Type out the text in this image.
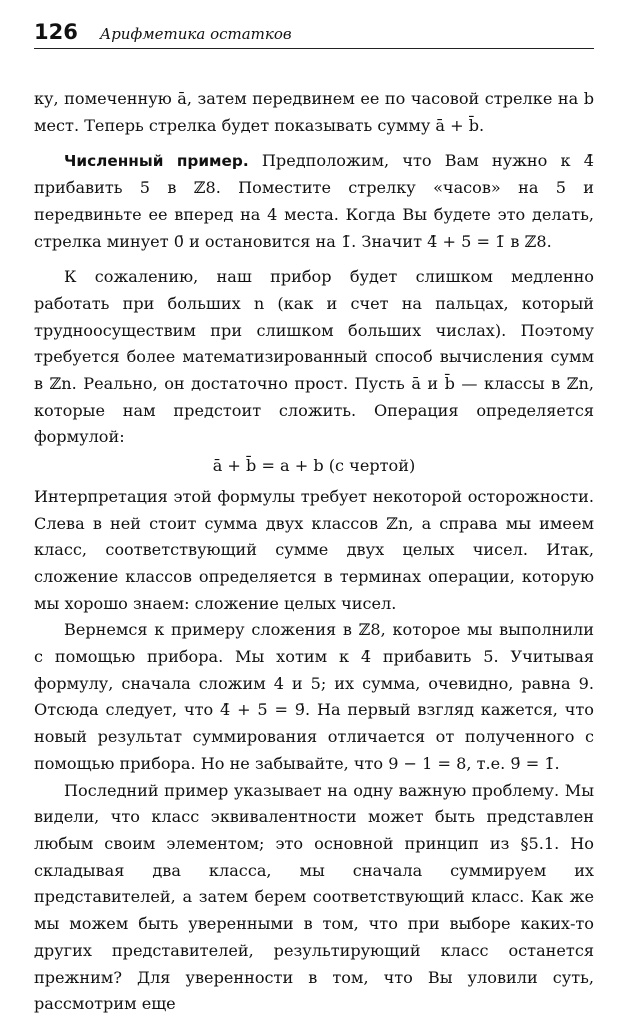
126 Арифметика остатков

ку, помеченную ā, затем передвинем ее по часовой стрелке на b мест. Теперь стрелка будет показывать сумму ā + b̄.

Численный пример. Предположим, что Вам нужно к 4̄ прибавить 5̄ в ℤ8. Поместите стрелку «часов» на 5̄ и передвиньте ее вперед на 4 места. Когда Вы будете это делать, стрелка минует 0̄ и остановится на 1̄. Значит 4̄ + 5̄ = 1̄ в ℤ8.

К сожалению, наш прибор будет слишком медленно работать при больших n (как и счет на пальцах, который трудноосуществим при слишком больших числах). Поэтому требуется более математизированный способ вычисления сумм в ℤn. Реально, он достаточно прост. Пусть ā и b̄ — классы в ℤn, которые нам предстоит сложить. Операция определяется формулой:

ā + b̄ = a + b (с чертой)

Интерпретация этой формулы требует некоторой осторожности. Слева в ней стоит сумма двух классов ℤn, а справа мы имеем класс, соответствующий сумме двух целых чисел. Итак, сложение классов определяется в терминах операции, которую мы хорошо знаем: сложение целых чисел.

Вернемся к примеру сложения в ℤ8, которое мы выполнили с помощью прибора. Мы хотим к 4̄ прибавить 5̄. Учитывая формулу, сначала сложим 4 и 5; их сумма, очевидно, равна 9. Отсюда следует, что 4̄ + 5̄ = 9̄. На первый взгляд кажется, что новый результат суммирования отличается от полученного с помощью прибора. Но не забывайте, что 9 − 1 = 8, т.е. 9̄ = 1̄.

Последний пример указывает на одну важную проблему. Мы видели, что класс эквивалентности может быть представлен любым своим элементом; это основной принцип из §5.1. Но складывая два класса, мы сначала суммируем их представителей, а затем берем соответствующий класс. Как же мы можем быть уверенными в том, что при выборе каких-то других представителей, результирующий класс останется прежним? Для уверенности в том, что Вы уловили суть, рассмотрим еще
